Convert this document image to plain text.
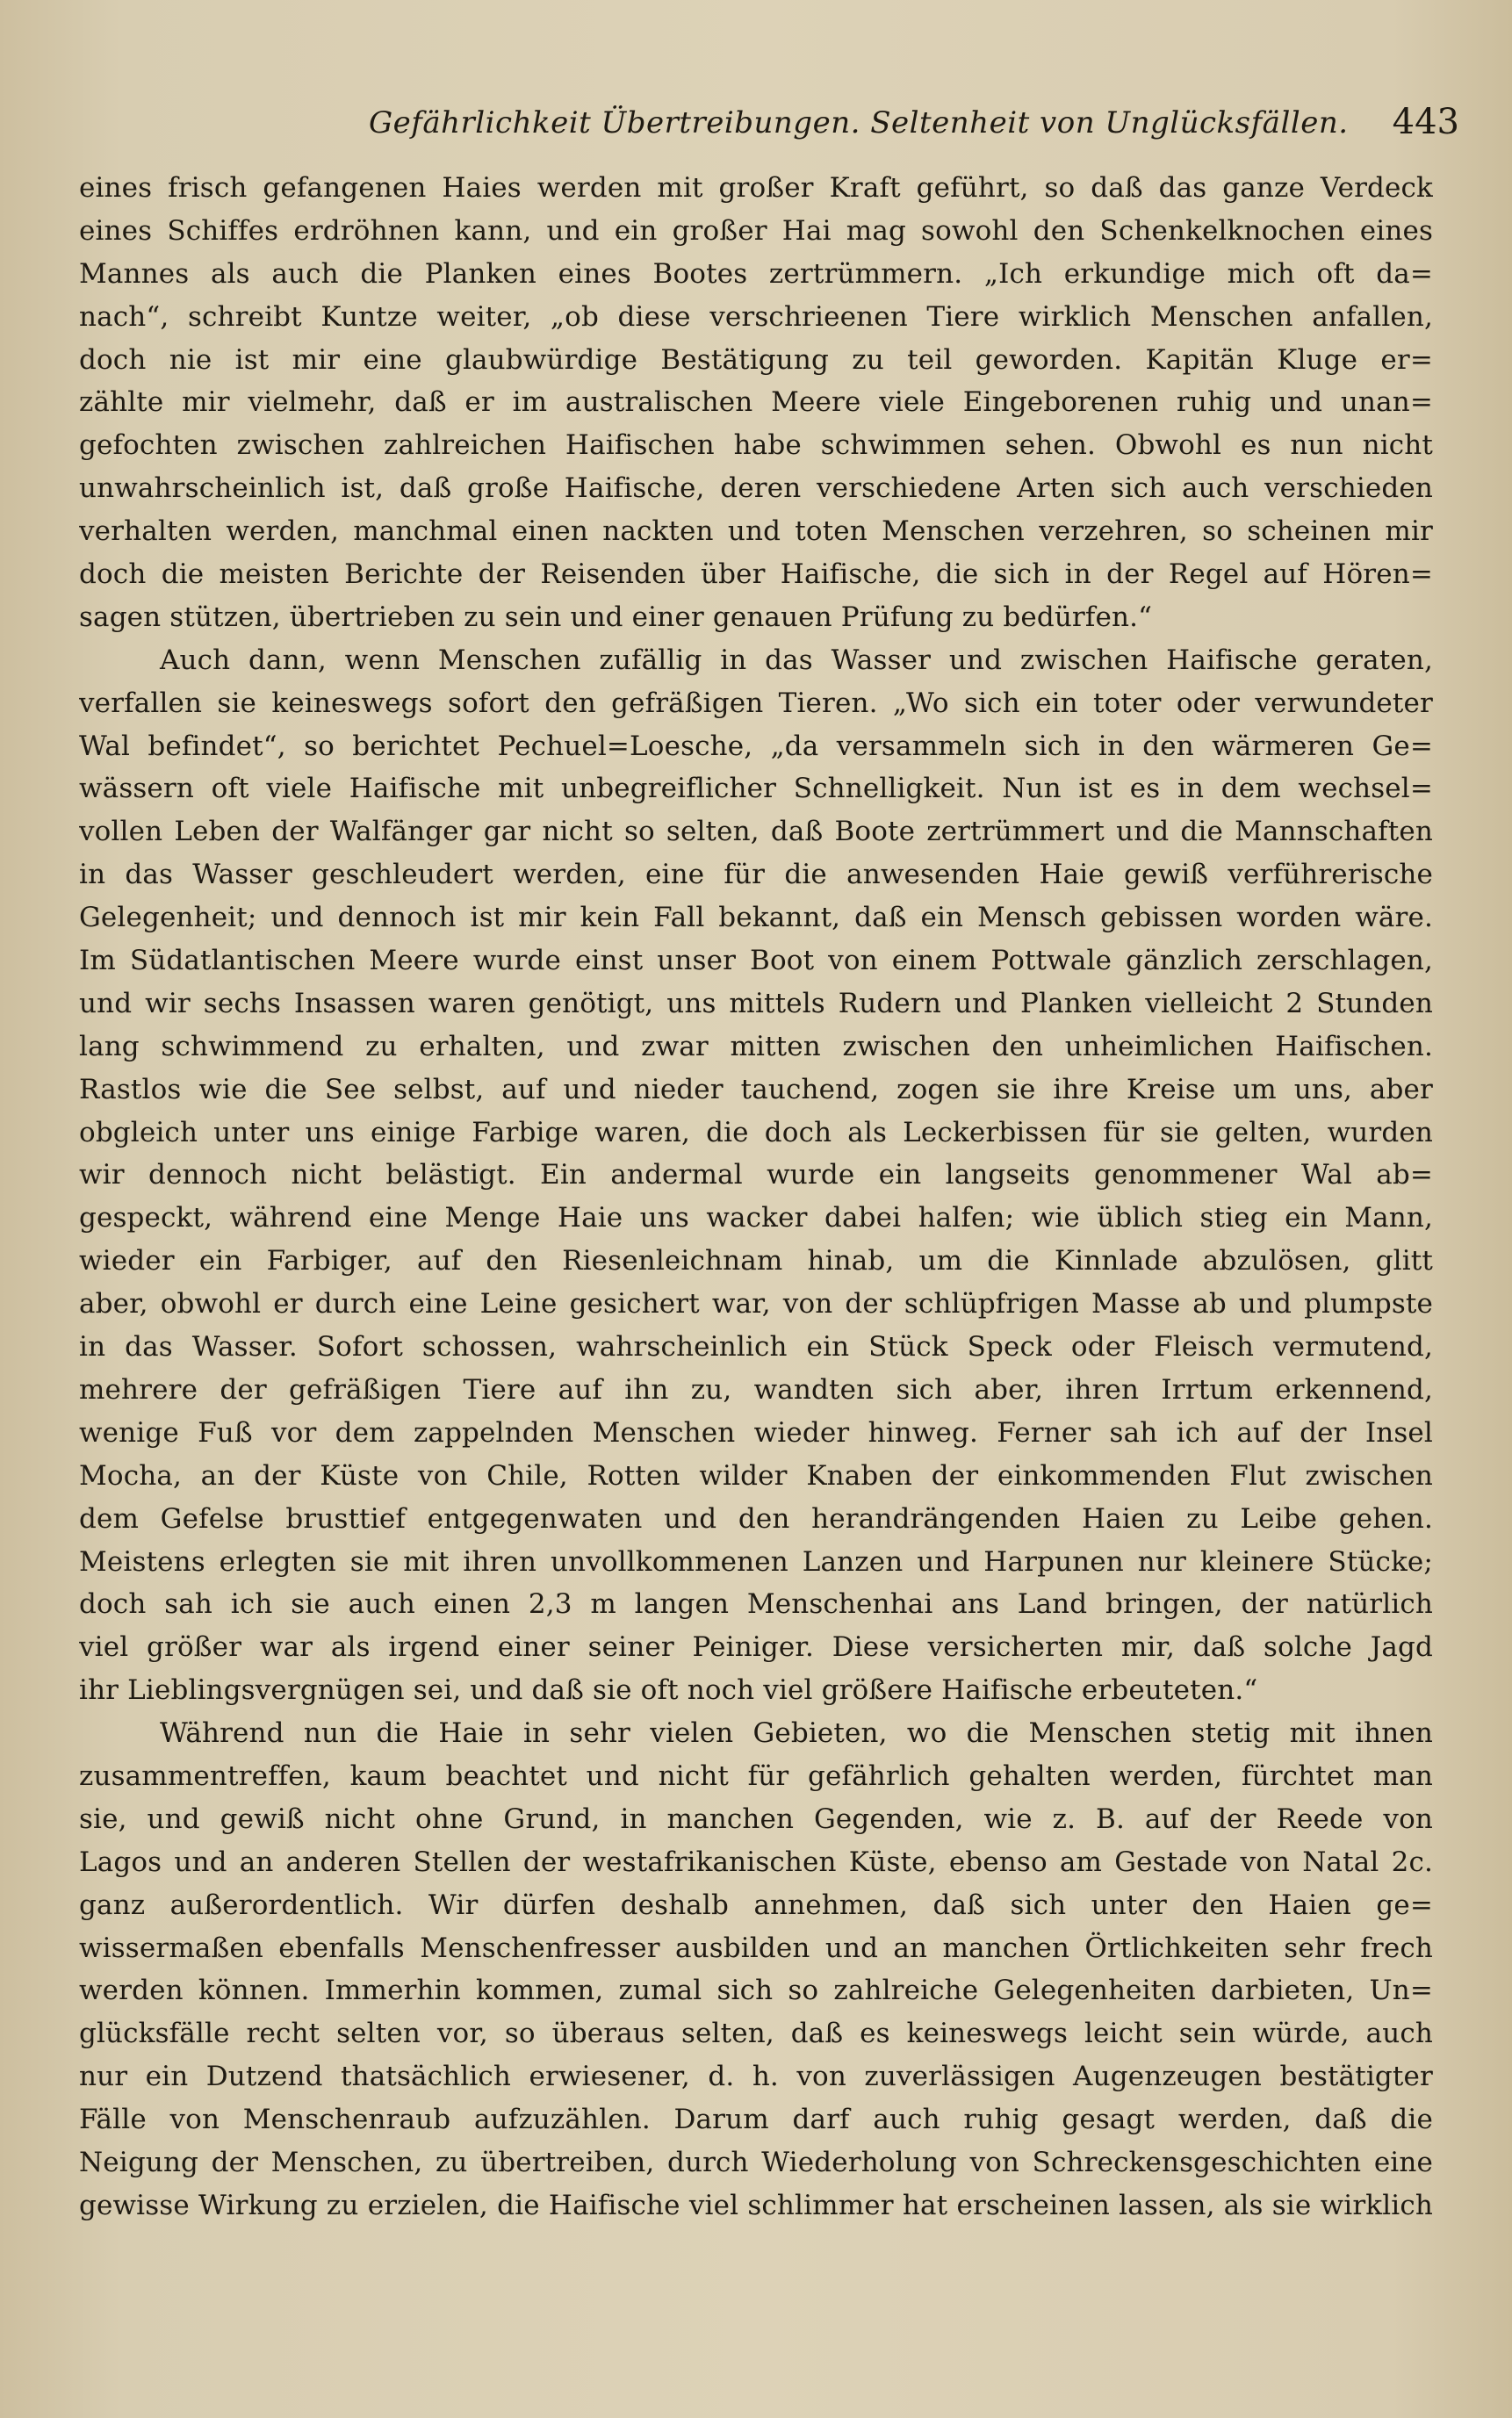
Gefährlichkeit Übertreibungen. Seltenheit von Unglücksfällen. 443
eines frisch gefangenen Haies werden mit großer Kraft geführt, so daß das ganze Verdeck
eines Schiffes erdröhnen kann, und ein großer Hai mag sowohl den Schenkelknochen eines
Mannes als auch die Planken eines Bootes zertrümmern. „Ich erkundige mich oft da=
nach“, schreibt Kuntze weiter, „ob diese verschrieenen Tiere wirklich Menschen anfallen,
doch nie ist mir eine glaubwürdige Bestätigung zu teil geworden. Kapitän Kluge er=
zählte mir vielmehr, daß er im australischen Meere viele Eingeborenen ruhig und unan=
gefochten zwischen zahlreichen Haifischen habe schwimmen sehen. Obwohl es nun nicht
unwahrscheinlich ist, daß große Haifische, deren verschiedene Arten sich auch verschieden
verhalten werden, manchmal einen nackten und toten Menschen verzehren, so scheinen mir
doch die meisten Berichte der Reisenden über Haifische, die sich in der Regel auf Hören=
sagen stützen, übertrieben zu sein und einer genauen Prüfung zu bedürfen.“
Auch dann, wenn Menschen zufällig in das Wasser und zwischen Haifische geraten,
verfallen sie keineswegs sofort den gefräßigen Tieren. „Wo sich ein toter oder verwundeter
Wal befindet“, so berichtet Pechuel=Loesche, „da versammeln sich in den wärmeren Ge=
wässern oft viele Haifische mit unbegreiflicher Schnelligkeit. Nun ist es in dem wechsel=
vollen Leben der Walfänger gar nicht so selten, daß Boote zertrümmert und die Mannschaften
in das Wasser geschleudert werden, eine für die anwesenden Haie gewiß verführerische
Gelegenheit; und dennoch ist mir kein Fall bekannt, daß ein Mensch gebissen worden wäre.
Im Südatlantischen Meere wurde einst unser Boot von einem Pottwale gänzlich zerschlagen,
und wir sechs Insassen waren genötigt, uns mittels Rudern und Planken vielleicht 2 Stunden
lang schwimmend zu erhalten, und zwar mitten zwischen den unheimlichen Haifischen.
Rastlos wie die See selbst, auf und nieder tauchend, zogen sie ihre Kreise um uns, aber
obgleich unter uns einige Farbige waren, die doch als Leckerbissen für sie gelten, wurden
wir dennoch nicht belästigt. Ein andermal wurde ein langseits genommener Wal ab=
gespeckt, während eine Menge Haie uns wacker dabei halfen; wie üblich stieg ein Mann,
wieder ein Farbiger, auf den Riesenleichnam hinab, um die Kinnlade abzulösen, glitt
aber, obwohl er durch eine Leine gesichert war, von der schlüpfrigen Masse ab und plumpste
in das Wasser. Sofort schossen, wahrscheinlich ein Stück Speck oder Fleisch vermutend,
mehrere der gefräßigen Tiere auf ihn zu, wandten sich aber, ihren Irrtum erkennend,
wenige Fuß vor dem zappelnden Menschen wieder hinweg. Ferner sah ich auf der Insel
Mocha, an der Küste von Chile, Rotten wilder Knaben der einkommenden Flut zwischen
dem Gefelse brusttief entgegenwaten und den herandrängenden Haien zu Leibe gehen.
Meistens erlegten sie mit ihren unvollkommenen Lanzen und Harpunen nur kleinere Stücke;
doch sah ich sie auch einen 2,3 m langen Menschenhai ans Land bringen, der natürlich
viel größer war als irgend einer seiner Peiniger. Diese versicherten mir, daß solche Jagd
ihr Lieblingsvergnügen sei, und daß sie oft noch viel größere Haifische erbeuteten.“
Während nun die Haie in sehr vielen Gebieten, wo die Menschen stetig mit ihnen
zusammentreffen, kaum beachtet und nicht für gefährlich gehalten werden, fürchtet man
sie, und gewiß nicht ohne Grund, in manchen Gegenden, wie z. B. auf der Reede von
Lagos und an anderen Stellen der westafrikanischen Küste, ebenso am Gestade von Natal 2c.
ganz außerordentlich. Wir dürfen deshalb annehmen, daß sich unter den Haien ge=
wissermaßen ebenfalls Menschenfresser ausbilden und an manchen Örtlichkeiten sehr frech
werden können. Immerhin kommen, zumal sich so zahlreiche Gelegenheiten darbieten, Un=
glücksfälle recht selten vor, so überaus selten, daß es keineswegs leicht sein würde, auch
nur ein Dutzend thatsächlich erwiesener, d. h. von zuverlässigen Augenzeugen bestätigter
Fälle von Menschenraub aufzuzählen. Darum darf auch ruhig gesagt werden, daß die
Neigung der Menschen, zu übertreiben, durch Wiederholung von Schreckensgeschichten eine
gewisse Wirkung zu erzielen, die Haifische viel schlimmer hat erscheinen lassen, als sie wirklich
